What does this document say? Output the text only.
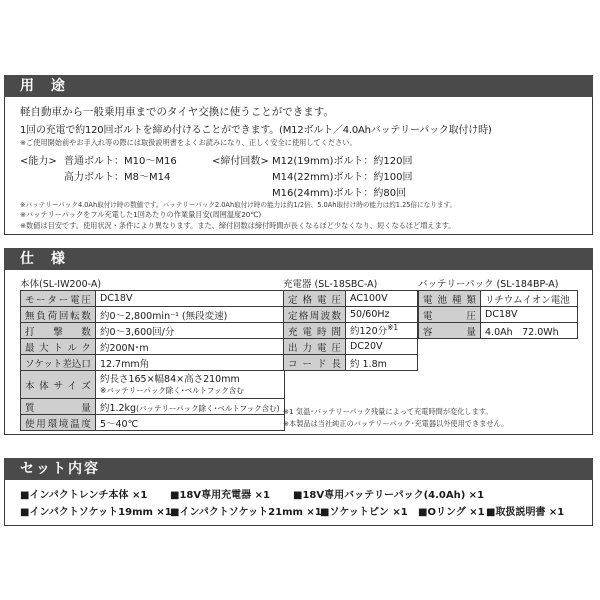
用 途
軽自動車から一般乗用車までのタイヤ交換に使うことができます。
1回の充電で約120回ボルトを締め付けることができます。(M12ボルト／4.0Ahバッテリーパック取付け時)
※ご使用開始前やお手入れ等の際には取扱説明書をよくお読みになり、正しく安全に使用してください。
<能力> 普通ボルト：M10〜M16
高力ボルト：M8〜M14
<締付回数> M12(19mm)ボルト：約120回
M14(22mm)ボルト：約100回
M16(24mm)ボルト：約80回
※バッテリーパック4.0Ah取付け時の数値です。バッテリーパック2.0Ah取付け時の能力は約1/2倍、5.0Ah取付け時の能力は約1.25倍になります。
※バッテリーパックをフル充電した1回あたりの作業量目安(周囲温度20℃)
※数値は目安です。使用状況・条件により異なります。また、締付回数は締付時間が長くなるほど少なくなり、短くなるほど増えます。
仕 様
本体(SL-IW200-A)
モーター電圧	DC18V
無負荷回転数	約0〜2,800min⁻¹ (無段変速)
打 撃 数	約0〜3,600回/分
最大トルク	約200N･m
ソケット差込口	12.7mm角
本体サイズ	約長さ165×幅84×高さ210mm
※バッテリーパック除く･ベルトフック含む

質 量	約1.2kg(バッテリーパック除く･ベルトフック含む)
使用環境温度	5〜40℃
充電器 (SL-18SBC-A)
定格電圧	AC100V
定格周波数	50/60Hz
充電時間	約120分$^{※1}$
出力電圧	DC20V
コード長	約 1.8m
バッテリーパック (SL-184BP-A)
電池種類	リチウムイオン電池
電 圧	DC18V
容 量	4.0Ah　72.0Wh
※1 気温･バッテリーパック残量によって充電時間が変化します。
※本製品は当社純正のバッテリーパック･充電器以外使用できません。
セット内容
■インパクトレンチ本体 ×1 ■18V専用充電器 ×1 ■18V専用バッテリーパック(4.0Ah) ×1
■インパクトソケット19mm ×1
■インパクトソケット21mm ×1
■ソケットピン ×1 ■Oリング ×1 ■取扱説明書 ×1
